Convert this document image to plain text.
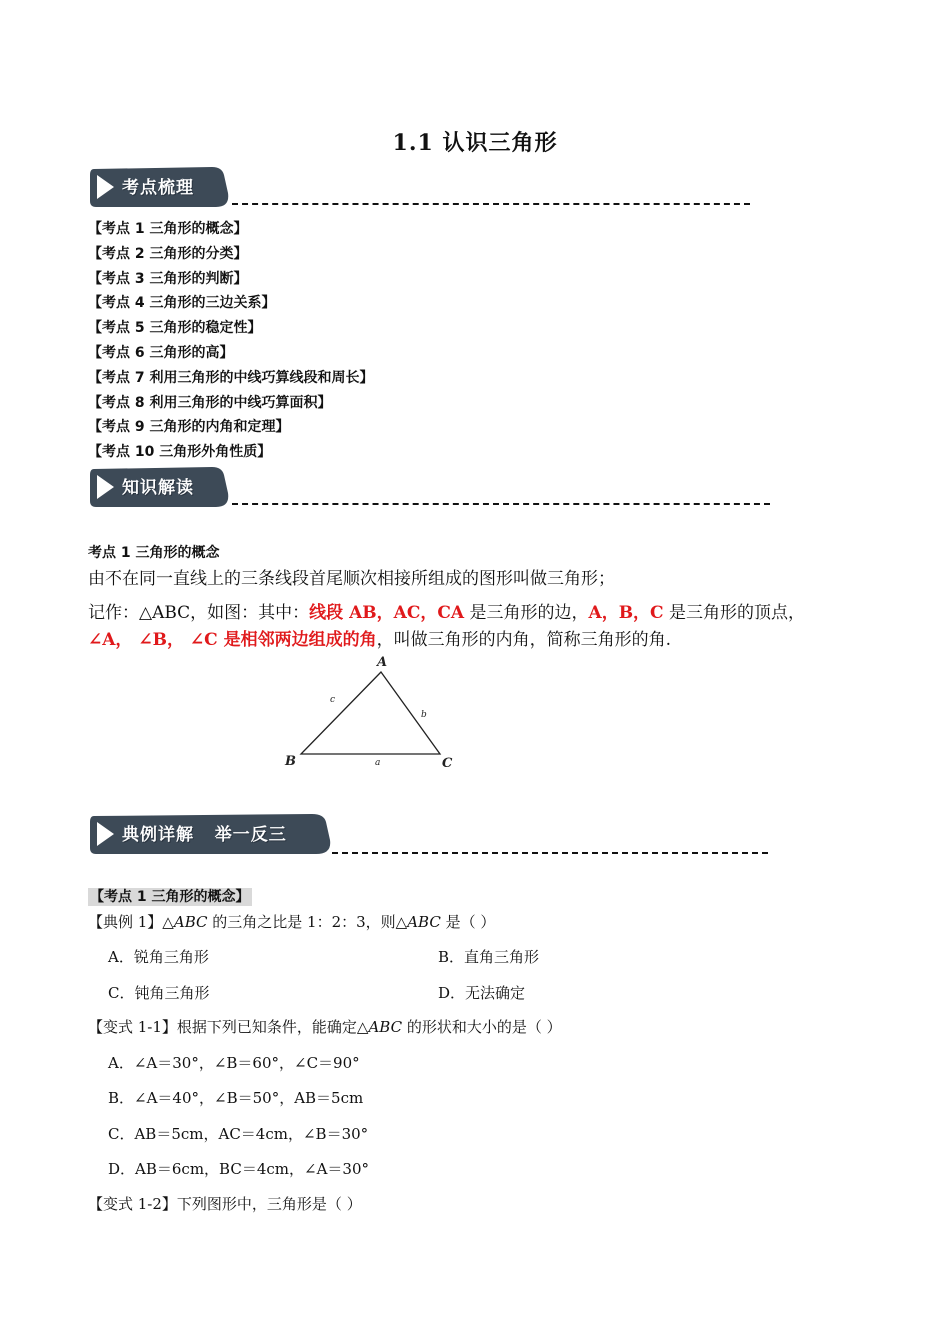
1.1 认识三角形
考点梳理
【考点 1 三角形的概念】
【考点 2 三角形的分类】
【考点 3 三角形的判断】
【考点 4 三角形的三边关系】
【考点 5 三角形的稳定性】
【考点 6 三角形的高】
【考点 7 利用三角形的中线巧算线段和周长】
【考点 8 利用三角形的中线巧算面积】
【考点 9 三角形的内角和定理】
【考点 10 三角形外角性质】
知识解读
考点 1 三角形的概念
由不在同一直线上的三条线段首尾顺次相接所组成的图形叫做三角形；
记作：△ABC，如图：其中：线段 AB，AC，CA 是三角形的边，A，B，C 是三角形的顶点，
∠A， ∠B， ∠C 是相邻两边组成的角，叫做三角形的内角，简称三角形的角.
A
B	C
a
b
c
典例详解   举一反三
【考点 1 三角形的概念】
【典例 1】△ABC 的三角之比是 1：2：3，则△ABC 是（ ）
A．锐角三角形	B．直角三角形
C．钝角三角形	D．无法确定
【变式 1-1】根据下列已知条件，能确定△ABC 的形状和大小的是（ ）
A．∠A＝30°，∠B＝60°，∠C＝90°
B．∠A＝40°，∠B＝50°，AB＝5cm
C．AB＝5cm，AC＝4cm，∠B＝30°
D．AB＝6cm，BC＝4cm，∠A＝30°
【变式 1-2】下列图形中，三角形是（ ）
